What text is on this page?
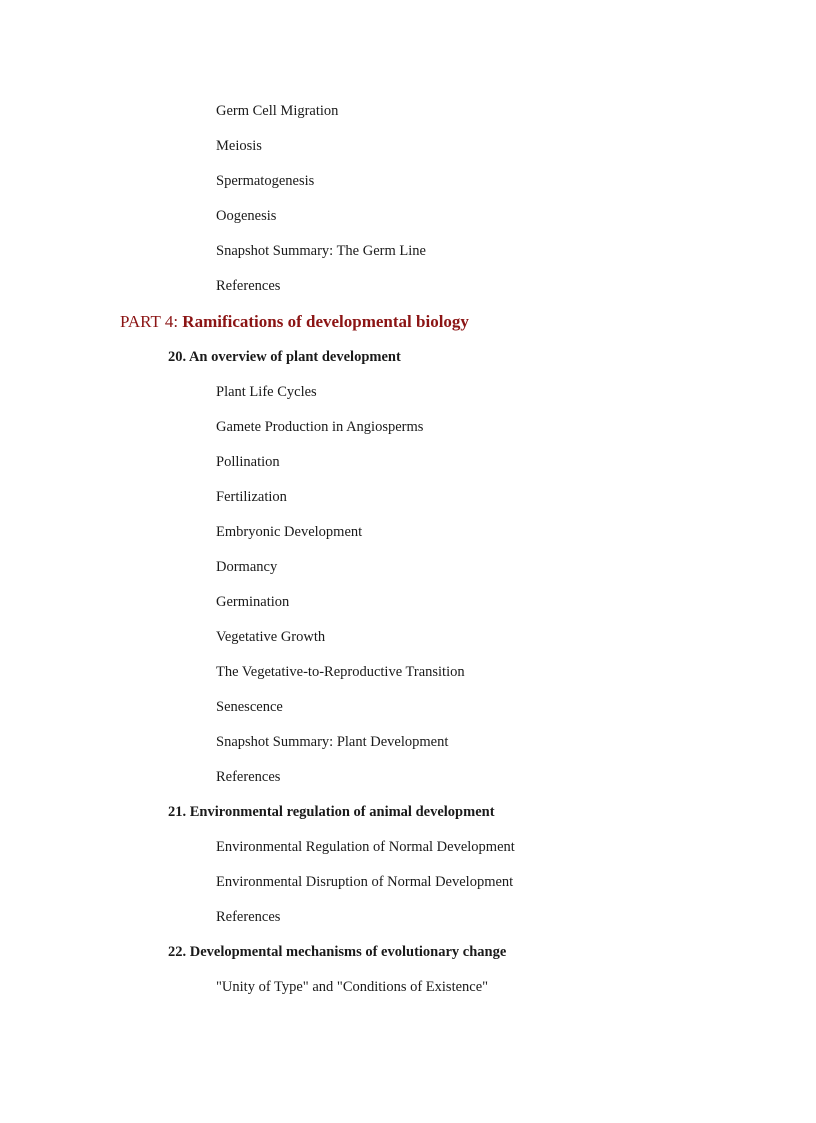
Germ Cell Migration
Meiosis
Spermatogenesis
Oogenesis
Snapshot Summary: The Germ Line
References
PART 4: Ramifications of developmental biology
20. An overview of plant development
Plant Life Cycles
Gamete Production in Angiosperms
Pollination
Fertilization
Embryonic Development
Dormancy
Germination
Vegetative Growth
The Vegetative-to-Reproductive Transition
Senescence
Snapshot Summary: Plant Development
References
21. Environmental regulation of animal development
Environmental Regulation of Normal Development
Environmental Disruption of Normal Development
References
22. Developmental mechanisms of evolutionary change
"Unity of Type" and "Conditions of Existence"
